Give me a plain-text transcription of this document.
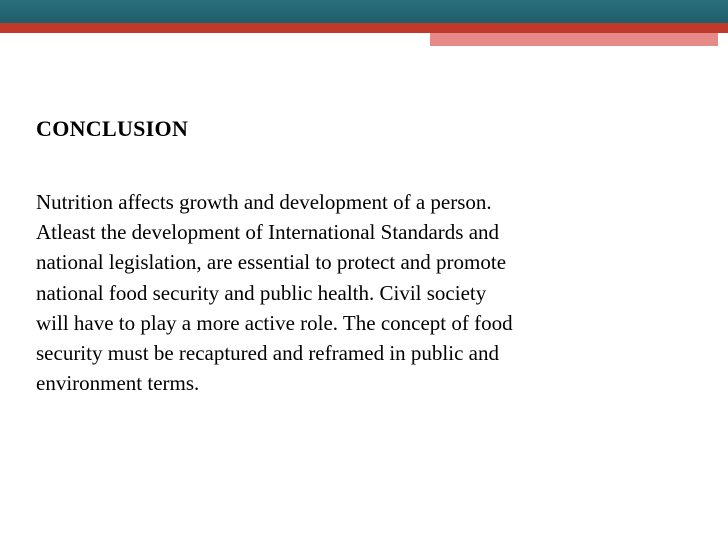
CONCLUSION
Nutrition affects growth and development of a person.
Atleast the development of International Standards and
national legislation, are essential to protect and promote
national food security and public health. Civil society
will have to play a more active role. The concept of food
security must be recaptured and reframed in public and
environment terms.
